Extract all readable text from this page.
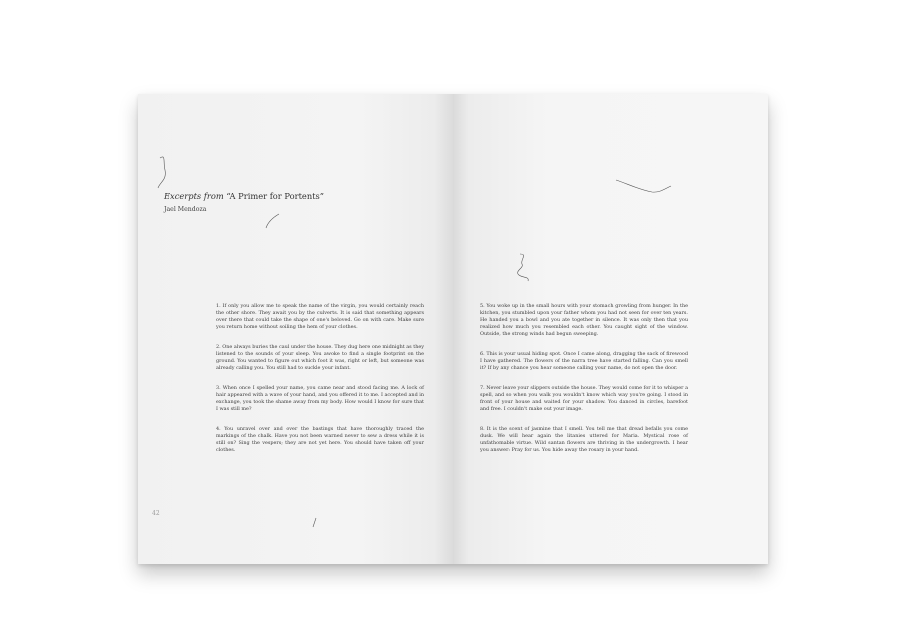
Excerpts from “A Primer for Portents”
Jael Mendoza

1. If only you allow me to speak the name of the virgin, you would certainly reach the other shore. They await you by the culverts. It is said that something appears over there that could take the shape of one's beloved. Go on with care. Make sure you return home without soiling the hem of your clothes.

2. One always buries the caul under the house. They dug here one midnight as they listened to the sounds of your sleep. You awoke to find a single footprint on the ground. You wanted to figure out which foot it was, right or left, but someone was already calling you. You still had to suckle your infant.

3. When once I spelled your name, you came near and stood facing me. A lock of hair appeared with a wave of your hand, and you offered it to me. I accepted and in exchange, you took the shame away from my body. How would I know for sure that I was still me?

4. You unravel over and over the bastings that have thoroughly traced the markings of the chalk. Have you not been warned never to sew a dress while it is still on? Sing the vespers; they are not yet here. You should have taken off your clothes.

42

5. You woke up in the small hours with your stomach growling from hunger. In the kitchen, you stumbled upon your father whom you had not seen for over ten years. He handed you a bowl and you ate together in silence. It was only then that you realized how much you resembled each other. You caught sight of the window. Outside, the strong winds had begun sweeping.

6. This is your usual hiding spot. Once I came along, dragging the sack of firewood I have gathered. The flowers of the narra tree have started falling. Can you smell it? If by any chance you hear someone calling your name, do not open the door.

7. Never leave your slippers outside the house. They would come for it to whisper a spell, and so when you walk you wouldn't know which way you're going. I stood in front of your house and waited for your shadow. You danced in circles, barefoot and free. I couldn't make out your image.

8. It is the scent of jasmine that I smell. You tell me that dread befalls you come dusk. We will hear again the litanies uttered for Maria. Mystical rose of unfathomable virtue. Wild santan flowers are thriving in the undergrowth. I hear you answer: Pray for us. You hide away the rosary in your hand.
